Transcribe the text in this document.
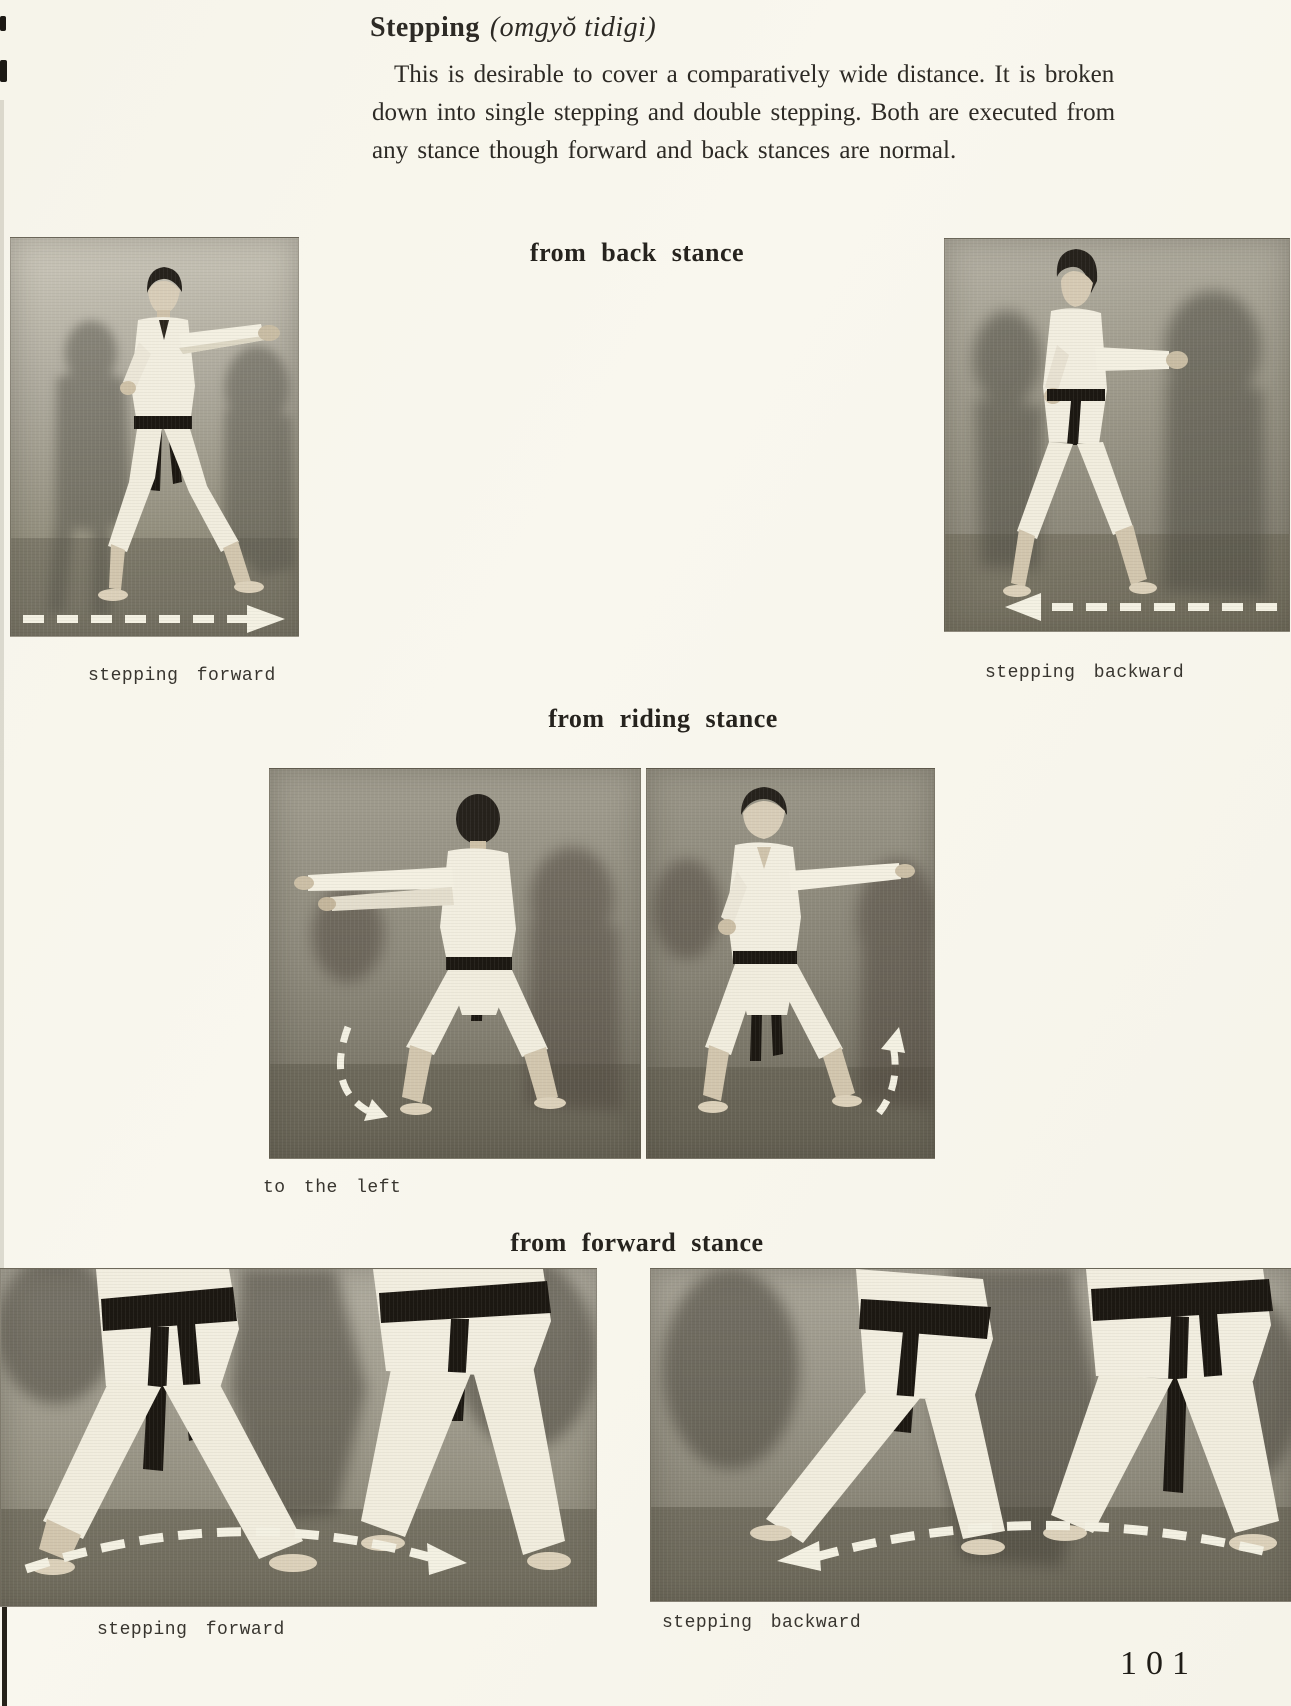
Stepping (omgyŏ tidigi)
This is desirable to cover a comparatively wide distance. It is broken
down into single stepping and double stepping. Both are executed from
any stance though forward and back stances are normal.
from back stance
stepping forward	stepping backward
from riding stance
to the left
from forward stance
stepping forward	stepping backward
101
